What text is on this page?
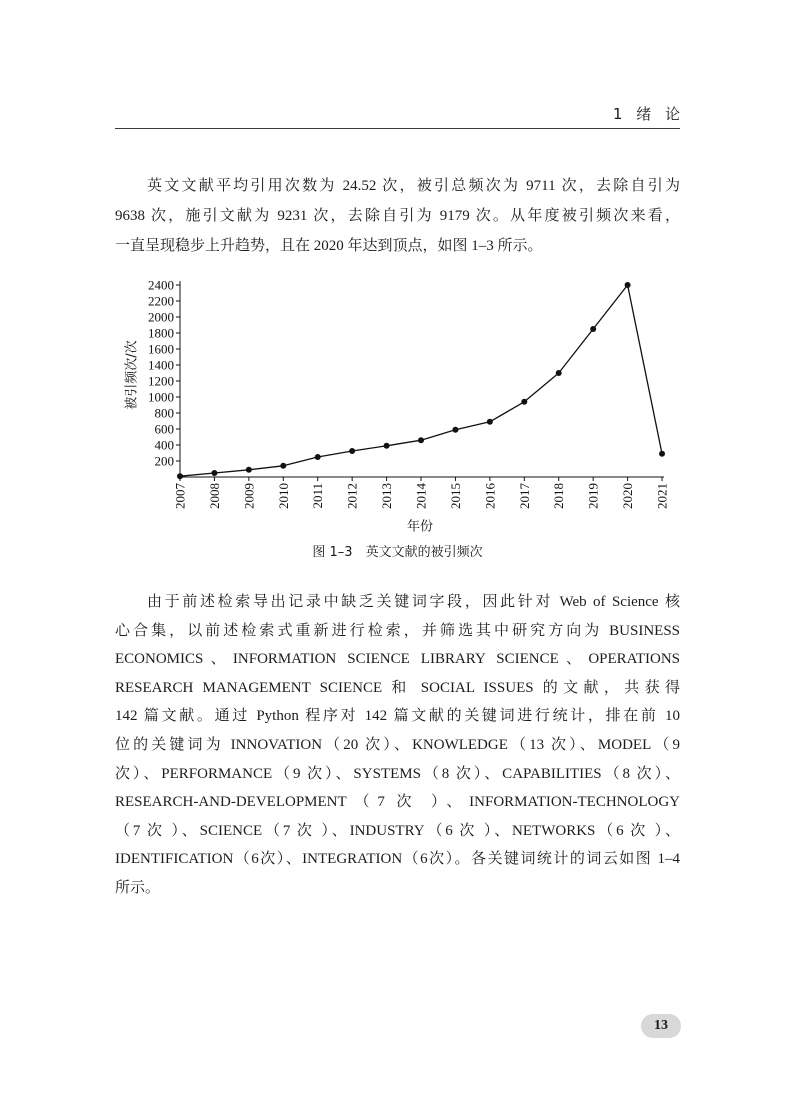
1 绪 论
英文文献平均引用次数为 24.52 次，被引总频次为 9711 次，去除自引为
9638 次，施引文献为 9231 次，去除自引为 9179 次。从年度被引频次来看，
一直呈现稳步上升趋势，且在 2020 年达到顶点，如图 1–3 所示。
被引频次/次
年份
200
400
600
800
1000
1200
1400
1600
1800
2000
2200
2400
2007 2008 2009 2010 2011 2012 2013 2014 2015 2016 2017 2018 2019 2020 2021
图 1–3　英文文献的被引频次
由于前述检索导出记录中缺乏关键词字段，因此针对 Web of Science 核
心合集，以前述检索式重新进行检索，并筛选其中研究方向为 BUSINESS
ECONOMICS、INFORMATION SCIENCE LIBRARY SCIENCE、OPERATIONS
RESEARCH MANAGEMENT SCIENCE 和 SOCIAL ISSUES 的文献，共获得
142 篇文献。通过 Python 程序对 142 篇文献的关键词进行统计，排在前 10
位的关键词为 INNOVATION（20 次）、KNOWLEDGE（13 次）、MODEL（9
次）、PERFORMANCE（9 次）、SYSTEMS（8 次）、CAPABILITIES（8 次）、
RESEARCH-AND-DEVELOPMENT（7 次 ）、INFORMATION-TECHNOLOGY
（7 次 ）、SCIENCE（7 次 ）、INDUSTRY（6 次 ）、NETWORKS（6 次 ）、
IDENTIFICATION（6次）、INTEGRATION（6次）。各关键词统计的词云如图 1–4
所示。
13
